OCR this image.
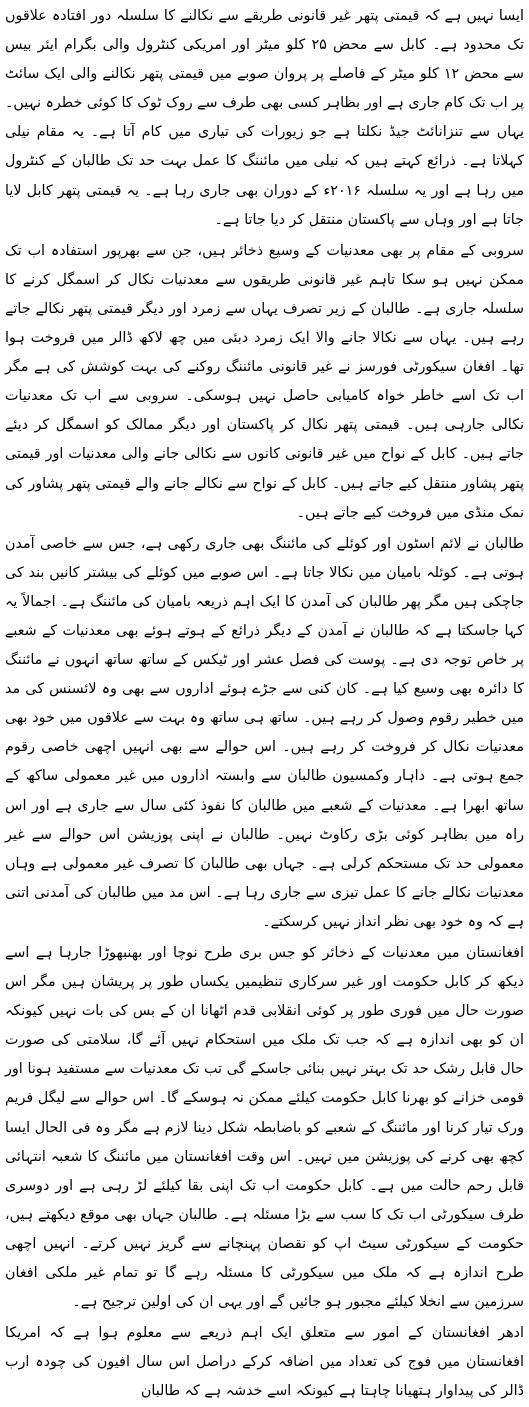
ایسا نہیں ہے کہ قیمتی پتھر غیر قانونی طریقے سے نکالنے کا سلسلہ دور افتادہ علاقوں تک محدود ہے۔ کابل سے محض ۲۵ کلو میٹر اور امریکی کنٹرول والی بگرام ایئر بیس سے محض ۱۲ کلو میٹر کے فاصلے پر پروان صوبے میں قیمتی پتھر نکالنے والی ایک سائٹ پر اب تک کام جاری ہے اور بظاہر کسی بھی طرف سے روک ٹوک کا کوئی خطرہ نہیں۔ یہاں سے تنزانائٹ جیڈ نکلتا ہے جو زیورات کی تیاری میں کام آتا ہے۔ یہ مقام نیلی کہلاتا ہے۔ ذرائع کہتے ہیں کہ نیلی میں مائننگ کا عمل بہت حد تک طالبان کے کنٹرول میں رہا ہے اور یہ سلسلہ ۲۰۱۶ء کے دوران بھی جاری رہا ہے۔ یہ قیمتی پتھر کابل لایا جاتا ہے اور وہاں سے پاکستان منتقل کر دیا جاتا ہے۔

سروبی کے مقام پر بھی معدنیات کے وسیع ذخائر ہیں، جن سے بھرپور استفادہ اب تک ممکن نہیں ہو سکا تاہم غیر قانونی طریقوں سے معدنیات نکال کر اسمگل کرنے کا سلسلہ جاری ہے۔ طالبان کے زیر تصرف یہاں سے زمرد اور دیگر قیمتی پتھر نکالے جاتے رہے ہیں۔ یہاں سے نکالا جانے والا ایک زمرد دبئی میں چھ لاکھ ڈالر میں فروخت ہوا تھا۔ افغان سیکورٹی فورسز نے غیر قانونی مائننگ روکنے کی بہت کوشش کی ہے مگر اب تک اسے خاطر خواہ کامیابی حاصل نہیں ہوسکی۔ سروبی سے اب تک معدنیات نکالی جارہی ہیں۔ قیمتی پتھر نکال کر پاکستان اور دیگر ممالک کو اسمگل کر دیئے جاتے ہیں۔ کابل کے نواح میں غیر قانونی کانوں سے نکالی جانے والی معدنیات اور قیمتی پتھر پشاور منتقل کیے جاتے ہیں۔ کابل کے نواح سے نکالے جانے والے قیمتی پتھر پشاور کی نمک منڈی میں فروخت کیے جاتے ہیں۔

طالبان نے لائم اسٹون اور کوئلے کی مائننگ بھی جاری رکھی ہے، جس سے خاصی آمدن ہوتی ہے۔ کوئلہ بامیان میں نکالا جاتا ہے۔ اس صوبے میں کوئلے کی بیشتر کانیں بند کی جاچکی ہیں مگر پھر طالبان کی آمدن کا ایک اہم ذریعہ بامیان کی مائننگ ہے۔ اجمالاً یہ کہا جاسکتا ہے کہ طالبان نے آمدن کے دیگر ذرائع کے ہوتے ہوئے بھی معدنیات کے شعبے پر خاص توجہ دی ہے۔ پوست کی فصل عشر اور ٹیکس کے ساتھ ساتھ انہوں نے مائننگ کا دائرہ بھی وسیع کیا ہے۔ کان کنی سے جڑے ہوئے اداروں سے بھی وہ لائسنس کی مد میں خطیر رقوم وصول کر رہے ہیں۔ ساتھ ہی ساتھ وہ بہت سے علاقوں میں خود بھی معدنیات نکال کر فروخت کر رہے ہیں۔ اس حوالے سے بھی انہیں اچھی خاصی رقوم جمع ہوتی ہے۔ داہار وکمسیون طالبان سے وابستہ اداروں میں غیر معمولی ساکھ کے ساتھ ابھرا ہے۔ معدنیات کے شعبے میں طالبان کا نفوذ کئی سال سے جاری ہے اور اس راہ میں بظاہر کوئی بڑی رکاوٹ نہیں۔ طالبان نے اپنی پوزیشن اس حوالے سے غیر معمولی حد تک مستحکم کرلی ہے۔ جہاں بھی طالبان کا تصرف غیر معمولی ہے وہاں معدنیات نکالے جانے کا عمل تیزی سے جاری رہا ہے۔ اس مد میں طالبان کی آمدنی اتنی ہے کہ وہ خود بھی نظر انداز نہیں کرسکتے۔

افغانستان میں معدنیات کے ذخائر کو جس بری طرح نوچا اور بھنبھوڑا جارہا ہے اسے دیکھ کر کابل حکومت اور غیر سرکاری تنظیمیں یکساں طور پر پریشان ہیں مگر اس صورت حال میں فوری طور پر کوئی انقلابی قدم اٹھانا ان کے بس کی بات نہیں کیونکہ ان کو بھی اندازہ ہے کہ جب تک ملک میں استحکام نہیں آئے گا، سلامتی کی صورت حال قابل رشک حد تک بہتر نہیں بنائی جاسکے گی تب تک معدنیات سے مستفید ہونا اور قومی خزانے کو بھرنا کابل حکومت کیلئے ممکن نہ ہوسکے گا۔ اس حوالے سے لیگل فریم ورک تیار کرنا اور مائننگ کے شعبے کو باضابطہ شکل دینا لازم ہے مگر وہ فی الحال ایسا کچھ بھی کرنے کی پوزیشن میں نہیں۔ اس وقت افغانستان میں مائننگ کا شعبہ انتہائی قابل رحم حالت میں ہے۔ کابل حکومت اب تک اپنی بقا کیلئے لڑ رہی ہے اور دوسری طرف سیکورٹی اب تک کا سب سے بڑا مسئلہ ہے۔ طالبان جہاں بھی موقع دیکھتے ہیں، حکومت کے سیکورٹی سیٹ اپ کو نقصان پہنچانے سے گریز نہیں کرتے۔ انہیں اچھی طرح اندازہ ہے کہ ملک میں سیکورٹی کا مسئلہ رہے گا تو تمام غیر ملکی افغان سرزمین سے انخلا کیلئے مجبور ہو جائیں گے اور یہی ان کی اولین ترجیح ہے۔

ادھر افغانستان کے امور سے متعلق ایک اہم ذریعے سے معلوم ہوا ہے کہ امریکا افغانستان میں فوج کی تعداد میں اضافہ کرکے دراصل اس سال افیون کی چودہ ارب ڈالر کی پیداوار ہتھیانا چاہتا ہے کیونکہ اسے خدشہ ہے کہ طالبان
